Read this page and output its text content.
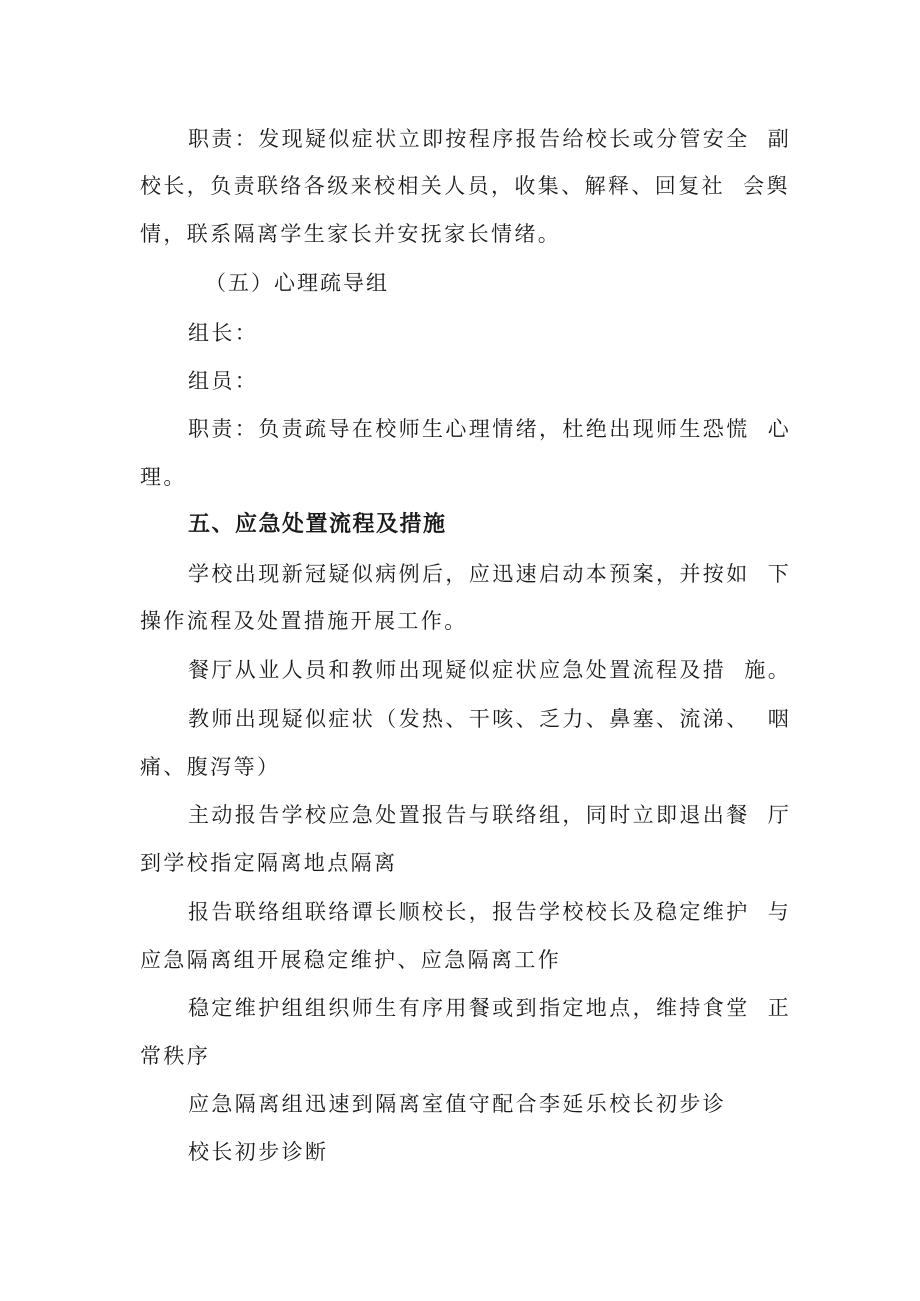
职责：发现疑似症状立即按程序报告给校长或分管安全  副
校长，负责联络各级来校相关人员，收集、解释、回复社  会舆
情，联系隔离学生家长并安抚家长情绪。
（五）心理疏导组
组长：
组员：
职责：负责疏导在校师生心理情绪，杜绝出现师生恐慌  心
理。
五、应急处置流程及措施
学校出现新冠疑似病例后，应迅速启动本预案，并按如  下
操作流程及处置措施开展工作。
餐厅从业人员和教师出现疑似症状应急处置流程及措  施。
教师出现疑似症状（发热、干咳、乏力、鼻塞、流涕、  咽
痛、腹泻等）
主动报告学校应急处置报告与联络组，同时立即退出餐  厅
到学校指定隔离地点隔离
报告联络组联络谭长顺校长，报告学校校长及稳定维护  与
应急隔离组开展稳定维护、应急隔离工作
稳定维护组组织师生有序用餐或到指定地点，维持食堂  正
常秩序
应急隔离组迅速到隔离室值守配合李延乐校长初步诊
校长初步诊断
